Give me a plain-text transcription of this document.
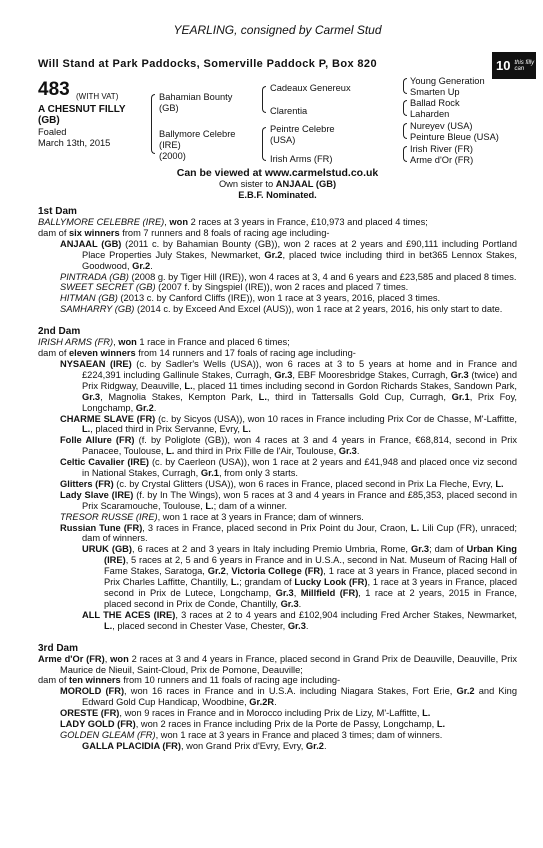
YEARLING, consigned by Carmel Stud
Will Stand at Park Paddocks, Somerville Paddock P, Box 820	10 this filly can
483 (WITH VAT)
A CHESNUT FILLY
(GB)
Foaled
March 13th, 2015
Bahamian Bounty
(GB)
Ballymore Celebre
(IRE)
(2000)
Cadeaux Genereux
Clarentia
Peintre Celebre
(USA)
Irish Arms (FR)
Young Generation
Smarten Up
Ballad Rock
Laharden
Nureyev (USA)
Peinture Bleue (USA)
Irish River (FR)
Arme d'Or (FR)
Can be viewed at www.carmelstud.co.uk
Own sister to ANJAAL (GB)
E.B.F. Nominated.
1st Dam
BALLYMORE CELEBRE (IRE), won 2 races at 3 years in France, £10,973 and placed 4 times;
dam of six winners from 7 runners and 8 foals of racing age including-
ANJAAL (GB) (2011 c. by Bahamian Bounty (GB)), won 2 races at 2 years and £90,111 including Portland Place Properties July Stakes, Newmarket, Gr.2, placed twice including third in bet365 Lennox Stakes, Goodwood, Gr.2.
PINTRADA (GB) (2008 g. by Tiger Hill (IRE)), won 4 races at 3, 4 and 6 years and £23,585 and placed 8 times.
SWEET SECRET (GB) (2007 f. by Singspiel (IRE)), won 2 races and placed 7 times.
HITMAN (GB) (2013 c. by Canford Cliffs (IRE)), won 1 race at 3 years, 2016, placed 3 times.
SAMHARRY (GB) (2014 c. by Exceed And Excel (AUS)), won 1 race at 2 years, 2016, his only start to date.
2nd Dam
IRISH ARMS (FR), won 1 race in France and placed 6 times;
dam of eleven winners from 14 runners and 17 foals of racing age including-
NYSAEAN (IRE) (c. by Sadler's Wells (USA)), won 6 races at 3 to 5 years at home and in France and £224,391 including Gallinule Stakes, Curragh, Gr.3, EBF Mooresbridge Stakes, Curragh, Gr.3 (twice) and Prix Ridgway, Deauville, L., placed 11 times including second in Gordon Richards Stakes, Sandown Park, Gr.3, Magnolia Stakes, Kempton Park, L., third in Tattersalls Gold Cup, Curragh, Gr.1, Prix Foy, Longchamp, Gr.2.
CHARME SLAVE (FR) (c. by Sicyos (USA)), won 10 races in France including Prix Cor de Chasse, M'-Laffitte, L., placed third in Prix Servanne, Evry, L.
Folle Allure (FR) (f. by Poliglote (GB)), won 4 races at 3 and 4 years in France, €68,814, second in Prix Panacee, Toulouse, L. and third in Prix Fille de l'Air, Toulouse, Gr.3.
Celtic Cavalier (IRE) (c. by Caerleon (USA)), won 1 race at 2 years and £41,948 and placed once viz second in National Stakes, Curragh, Gr.1, from only 3 starts.
Glitters (FR) (c. by Crystal Glitters (USA)), won 6 races in France, placed second in Prix La Fleche, Evry, L.
Lady Slave (IRE) (f. by In The Wings), won 5 races at 3 and 4 years in France and £85,353, placed second in Prix Scaramouche, Toulouse, L.; dam of a winner.
TRESOR RUSSE (IRE), won 1 race at 3 years in France; dam of winners.
Russian Tune (FR), 3 races in France, placed second in Prix Point du Jour, Craon, L. Lili Cup (FR), unraced; dam of winners.
URUK (GB), 6 races at 2 and 3 years in Italy including Premio Umbria, Rome, Gr.3; dam of Urban King (IRE), 5 races at 2, 5 and 6 years in France and in U.S.A., second in Nat. Museum of Racing Hall of Fame Stakes, Saratoga, Gr.2, Victoria College (FR), 1 race at 3 years in France, placed second in Prix Charles Laffitte, Chantilly, L.; grandam of Lucky Look (FR), 1 race at 3 years in France, placed second in Prix de Lutece, Longchamp, Gr.3, Millfield (FR), 1 race at 2 years, 2015 in France, placed second in Prix de Conde, Chantilly, Gr.3.
ALL THE ACES (IRE), 3 races at 2 to 4 years and £102,904 including Fred Archer Stakes, Newmarket, L., placed second in Chester Vase, Chester, Gr.3.
3rd Dam
Arme d'Or (FR), won 2 races at 3 and 4 years in France, placed second in Grand Prix de Deauville, Deauville, Prix Maurice de Nieuil, Saint-Cloud, Prix de Pomone, Deauville;
dam of ten winners from 10 runners and 11 foals of racing age including-
MOROLD (FR), won 16 races in France and in U.S.A. including Niagara Stakes, Fort Erie, Gr.2 and King Edward Gold Cup Handicap, Woodbine, Gr.2R.
ORESTE (FR), won 9 races in France and in Morocco including Prix de Lizy, M'-Laffitte, L.
LADY GOLD (FR), won 2 races in France including Prix de la Porte de Passy, Longchamp, L.
GOLDEN GLEAM (FR), won 1 race at 3 years in France and placed 3 times; dam of winners.
GALLA PLACIDIA (FR), won Grand Prix d'Evry, Evry, Gr.2.
